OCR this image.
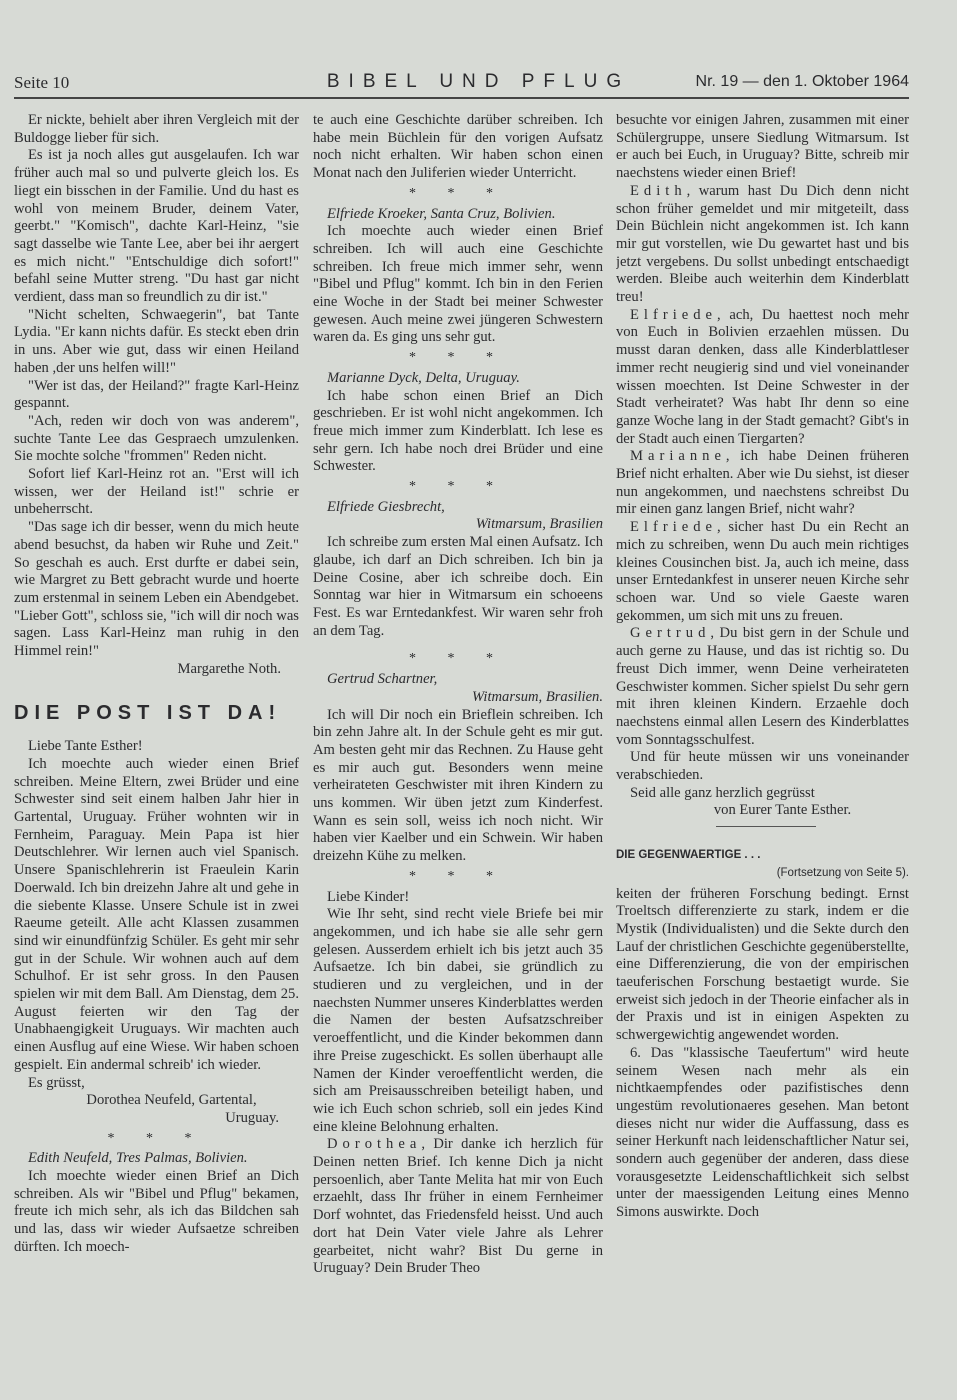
Seite 10	BIBEL UND PFLUG	Nr. 19 — den 1. Oktober 1964

Er nickte, behielt aber ihren Vergleich mit der Buldogge lieber für sich.

Es ist ja noch alles gut ausgelaufen. Ich war früher auch mal so und pulverte gleich los. Es liegt ein bisschen in der Familie. Und du hast es wohl von meinem Bruder, deinem Vater, geerbt." "Komisch", dachte Karl-Heinz, "sie sagt dasselbe wie Tante Lee, aber bei ihr aergert es mich nicht." "Entschuldige dich sofort!" befahl seine Mutter streng. "Du hast gar nicht verdient, dass man so freundlich zu dir ist."

"Nicht schelten, Schwaegerin", bat Tante Lydia. "Er kann nichts dafür. Es steckt eben drin in uns. Aber wie gut, dass wir einen Heiland haben ,der uns helfen will!"

"Wer ist das, der Heiland?" fragte Karl-Heinz gespannt.

"Ach, reden wir doch von was anderem", suchte Tante Lee das Gespraech umzulenken. Sie mochte solche "frommen" Reden nicht.

Sofort lief Karl-Heinz rot an. "Erst will ich wissen, wer der Heiland ist!" schrie er unbeherrscht.

"Das sage ich dir besser, wenn du mich heute abend besuchst, da haben wir Ruhe und Zeit." So geschah es auch. Erst durfte er dabei sein, wie Margret zu Bett gebracht wurde und hoerte zum erstenmal in seinem Leben ein Abendgebet. "Lieber Gott", schloss sie, "ich will dir noch was sagen. Lass Karl-Heinz man ruhig in den Himmel rein!"

Margarethe Noth.
DIE POST IST DA!

Liebe Tante Esther!

Ich moechte auch wieder einen Brief schreiben. Meine Eltern, zwei Brüder und eine Schwester sind seit einem halben Jahr hier in Gartental, Uruguay. Früher wohnten wir in Fernheim, Paraguay. Mein Papa ist hier Deutschlehrer. Wir lernen auch viel Spanisch. Unsere Spanischlehrerin ist Fraeulein Karin Doerwald. Ich bin dreizehn Jahre alt und gehe in die siebente Klasse. Unsere Schule ist in zwei Raeume geteilt. Alle acht Klassen zusammen sind wir einundfünfzig Schüler. Es geht mir sehr gut in der Schule. Wir wohnen auch auf dem Schulhof. Er ist sehr gross. In den Pausen spielen wir mit dem Ball. Am Dienstag, dem 25. August feierten wir den Tag der Unabhaengigkeit Uruguays. Wir machten auch einen Ausflug auf eine Wiese. Wir haben schoen gespielt. Ein andermal schreib' ich wieder.

Es grüsst,

Dorothea Neufeld, Gartental,
Uruguay.
* * *

Edith Neufeld, Tres Palmas, Bolivien.

Ich moechte wieder einen Brief an Dich schreiben. Als wir "Bibel und Pflug" bekamen, freute ich mich sehr, als ich das Bildchen sah und las, dass wir wieder Aufsaetze schreiben dürften. Ich moech-

te auch eine Geschichte darüber schreiben. Ich habe mein Büchlein für den vorigen Aufsatz noch nicht erhalten. Wir haben schon einen Monat nach den Juliferien wieder Unterricht.

* * *

Elfriede Kroeker, Santa Cruz, Bolivien.

Ich moechte auch wieder einen Brief schreiben. Ich will auch eine Geschichte schreiben. Ich freue mich immer sehr, wenn "Bibel und Pflug" kommt. Ich bin in den Ferien eine Woche in der Stadt bei meiner Schwester gewesen. Auch meine zwei jüngeren Schwestern waren da. Es ging uns sehr gut.

* * *

Marianne Dyck, Delta, Uruguay.

Ich habe schon einen Brief an Dich geschrieben. Er ist wohl nicht angekommen. Ich freue mich immer zum Kinderblatt. Ich lese es sehr gern. Ich habe noch drei Brüder und eine Schwester.

* * *

Elfriede Giesbrecht,

Witmarsum, Brasilien

Ich schreibe zum ersten Mal einen Aufsatz. Ich glaube, ich darf an Dich schreiben. Ich bin ja Deine Cosine, aber ich schreibe doch. Ein Sonntag war hier in Witmarsum ein schoeens Fest. Es war Erntedankfest. Wir waren sehr froh an dem Tag.

* * *

Gertrud Schartner,

Witmarsum, Brasilien.

Ich will Dir noch ein Brieflein schreiben. Ich bin zehn Jahre alt. In der Schule geht es mir gut. Am besten geht mir das Rechnen. Zu Hause geht es mir auch gut. Besonders wenn meine verheirateten Geschwister mit ihren Kindern zu uns kommen. Wir üben jetzt zum Kinderfest. Wann es sein soll, weiss ich noch nicht. Wir haben vier Kaelber und ein Schwein. Wir haben dreizehn Kühe zu melken.

* * *

Liebe Kinder!

Wie Ihr seht, sind recht viele Briefe bei mir angekommen, und ich habe sie alle sehr gern gelesen. Ausserdem erhielt ich bis jetzt auch 35 Aufsaetze. Ich bin dabei, sie gründlich zu studieren und zu vergleichen, und in der naechsten Nummer unseres Kinderblattes werden die Namen der besten Aufsatzschreiber veroeffentlicht, und die Kinder bekommen dann ihre Preise zugeschickt. Es sollen überhaupt alle Namen der Kinder veroeffentlicht werden, die sich am Preisausschreiben beteiligt haben, und wie ich Euch schon schrieb, soll ein jedes Kind eine kleine Belohnung erhalten.

Dorothea, Dir danke ich herzlich für Deinen netten Brief. Ich kenne Dich ja nicht persoenlich, aber Tante Melita hat mir von Euch erzaehlt, dass Ihr früher in einem Fernheimer Dorf wohntet, das Friedensfeld heisst. Und auch dort hat Dein Vater viele Jahre als Lehrer gearbeitet, nicht wahr? Bist Du gerne in Uruguay? Dein Bruder Theo

besuchte vor einigen Jahren, zusammen mit einer Schülergruppe, unsere Siedlung Witmarsum. Ist er auch bei Euch, in Uruguay? Bitte, schreib mir naechstens wieder einen Brief!

Edith, warum hast Du Dich denn nicht schon früher gemeldet und mir mitgeteilt, dass Dein Büchlein nicht angekommen ist. Ich kann mir gut vorstellen, wie Du gewartet hast und bis jetzt vergebens. Du sollst unbedingt entschaedigt werden. Bleibe auch weiterhin dem Kinderblatt treu!

Elfriede, ach, Du haettest noch mehr von Euch in Bolivien erzaehlen müssen. Du musst daran denken, dass alle Kinderblattleser immer recht neugierig sind und viel voneinander wissen moechten. Ist Deine Schwester in der Stadt verheiratet? Was habt Ihr denn so eine ganze Woche lang in der Stadt gemacht? Gibt's in der Stadt auch einen Tiergarten?

Marianne, ich habe Deinen früheren Brief nicht erhalten. Aber wie Du siehst, ist dieser nun angekommen, und naechstens schreibst Du mir einen ganz langen Brief, nicht wahr?

Elfriede, sicher hast Du ein Recht an mich zu schreiben, wenn Du auch mein richtiges kleines Cousinchen bist. Ja, auch ich meine, dass unser Erntedankfest in unserer neuen Kirche sehr schoen war. Und so viele Gaeste waren gekommen, um sich mit uns zu freuen.

Gertrud, Du bist gern in der Schule und auch gerne zu Hause, und das ist richtig so. Du freust Dich immer, wenn Deine verheirateten Geschwister kommen. Sicher spielst Du sehr gern mit ihren kleinen Kindern. Erzaehle doch naechstens einmal allen Lesern des Kinderblattes vom Sonntagsschulfest.

Und für heute müssen wir uns voneinander verabschieden.

Seid alle ganz herzlich gegrüsst

von Eurer Tante Esther.
DIE GEGENWAERTIGE . . .
(Fortsetzung von Seite 5).

keiten der früheren Forschung bedingt. Ernst Troeltsch differenzierte zu stark, indem er die Mystik (Individualisten) und die Sekte durch den Lauf der christlichen Geschichte gegenüberstellte, eine Differenzierung, die von der empirischen taeuferischen Forschung bestaetigt wurde. Sie erweist sich jedoch in der Theorie einfacher als in der Praxis und ist in einigen Aspekten zu schwergewichtig angewendet worden.

6. Das "klassische Taeufertum" wird heute seinem Wesen nach mehr als ein nichtkaempfendes oder pazifistisches denn ungestüm revolutionaeres gesehen. Man betont dieses nicht nur wider die Auffassung, dass es seiner Herkunft nach leidenschaftlicher Natur sei, sondern auch gegenüber der anderen, dass diese vorausgesetzte Leidenschaftlichkeit sich selbst unter der maessigenden Leitung eines Menno Simons auswirkte. Doch
